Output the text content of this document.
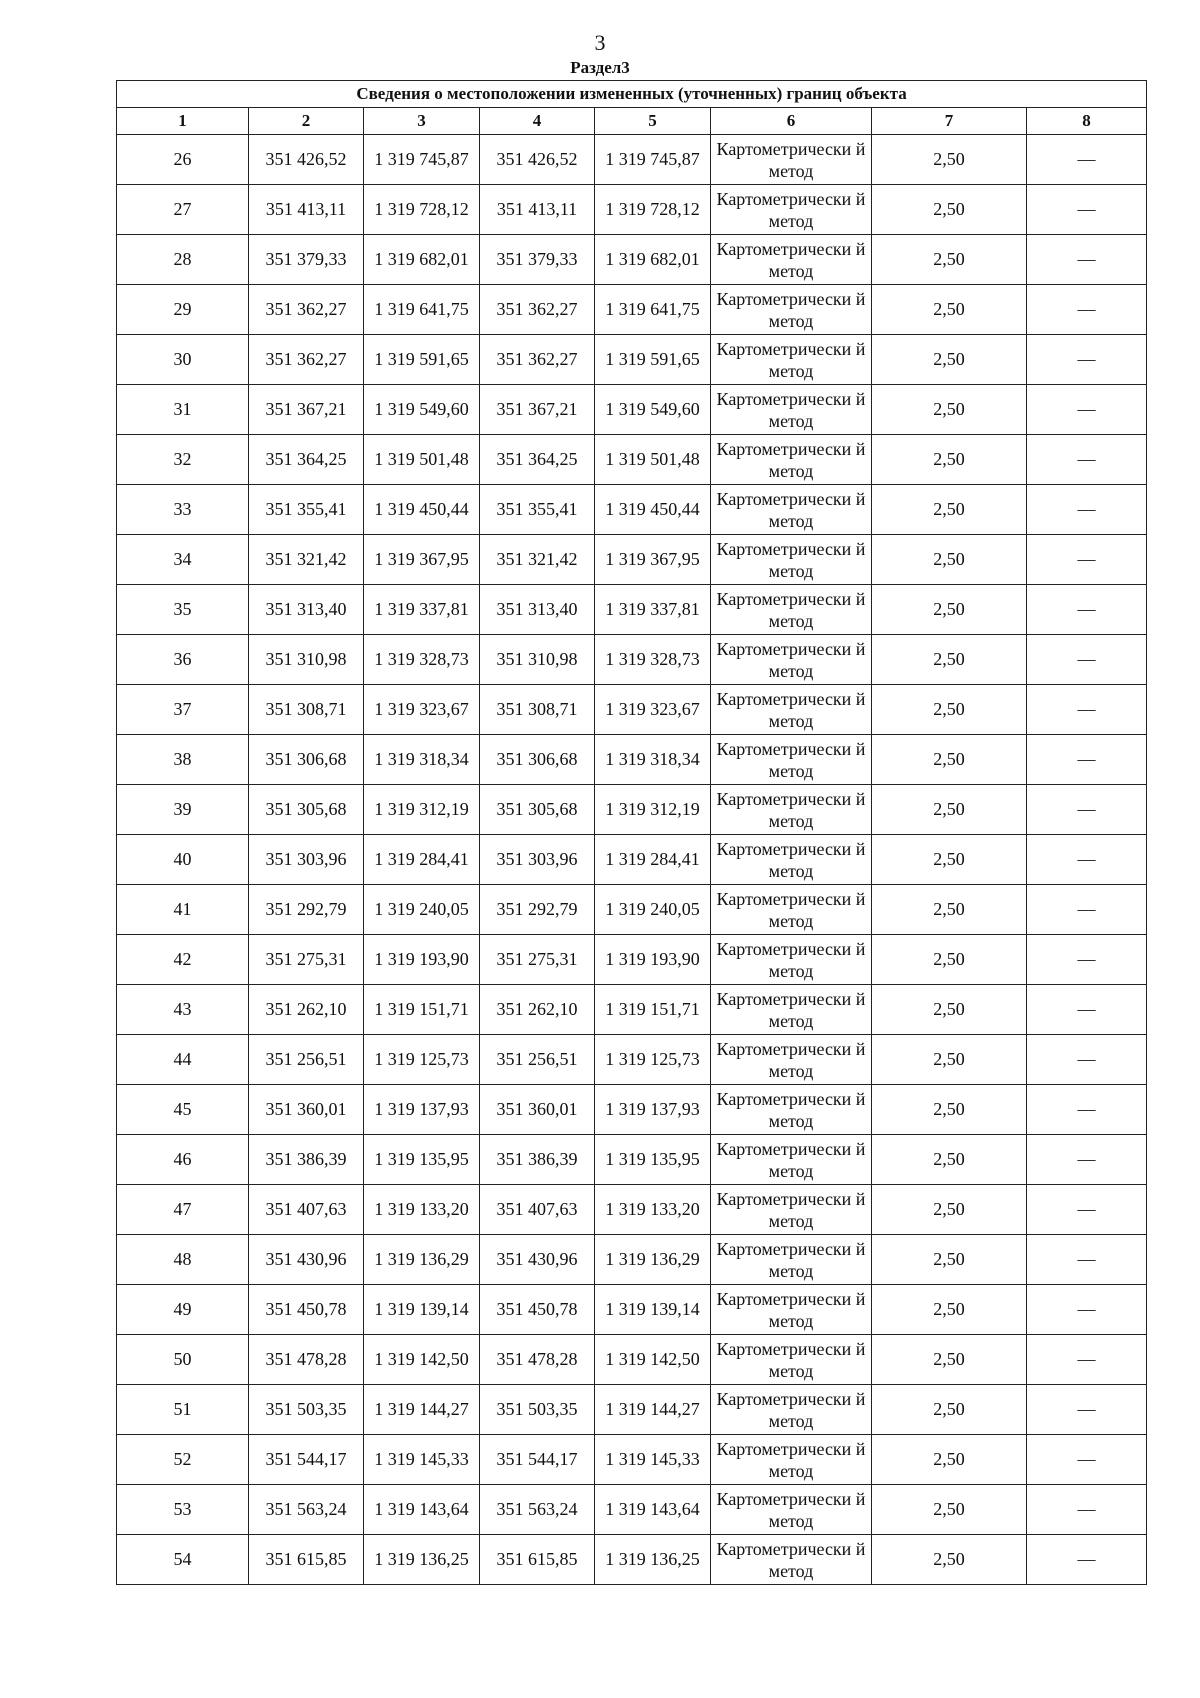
3
Раздел3
Сведения о местоположении измененных (уточненных) границ объекта							
1	2	3	4	5	6	7	8
26	351 426,52	1 319 745,87	351 426,52	1 319 745,87	Картометрически й метод	2,50	—
27	351 413,11	1 319 728,12	351 413,11	1 319 728,12	Картометрически й метод	2,50	—
28	351 379,33	1 319 682,01	351 379,33	1 319 682,01	Картометрически й метод	2,50	—
29	351 362,27	1 319 641,75	351 362,27	1 319 641,75	Картометрически й метод	2,50	—
30	351 362,27	1 319 591,65	351 362,27	1 319 591,65	Картометрически й метод	2,50	—
31	351 367,21	1 319 549,60	351 367,21	1 319 549,60	Картометрически й метод	2,50	—
32	351 364,25	1 319 501,48	351 364,25	1 319 501,48	Картометрически й метод	2,50	—
33	351 355,41	1 319 450,44	351 355,41	1 319 450,44	Картометрически й метод	2,50	—
34	351 321,42	1 319 367,95	351 321,42	1 319 367,95	Картометрически й метод	2,50	—
35	351 313,40	1 319 337,81	351 313,40	1 319 337,81	Картометрически й метод	2,50	—
36	351 310,98	1 319 328,73	351 310,98	1 319 328,73	Картометрически й метод	2,50	—
37	351 308,71	1 319 323,67	351 308,71	1 319 323,67	Картометрически й метод	2,50	—
38	351 306,68	1 319 318,34	351 306,68	1 319 318,34	Картометрически й метод	2,50	—
39	351 305,68	1 319 312,19	351 305,68	1 319 312,19	Картометрически й метод	2,50	—
40	351 303,96	1 319 284,41	351 303,96	1 319 284,41	Картометрически й метод	2,50	—
41	351 292,79	1 319 240,05	351 292,79	1 319 240,05	Картометрически й метод	2,50	—
42	351 275,31	1 319 193,90	351 275,31	1 319 193,90	Картометрически й метод	2,50	—
43	351 262,10	1 319 151,71	351 262,10	1 319 151,71	Картометрически й метод	2,50	—
44	351 256,51	1 319 125,73	351 256,51	1 319 125,73	Картометрически й метод	2,50	—
45	351 360,01	1 319 137,93	351 360,01	1 319 137,93	Картометрически й метод	2,50	—
46	351 386,39	1 319 135,95	351 386,39	1 319 135,95	Картометрически й метод	2,50	—
47	351 407,63	1 319 133,20	351 407,63	1 319 133,20	Картометрически й метод	2,50	—
48	351 430,96	1 319 136,29	351 430,96	1 319 136,29	Картометрически й метод	2,50	—
49	351 450,78	1 319 139,14	351 450,78	1 319 139,14	Картометрически й метод	2,50	—
50	351 478,28	1 319 142,50	351 478,28	1 319 142,50	Картометрически й метод	2,50	—
51	351 503,35	1 319 144,27	351 503,35	1 319 144,27	Картометрически й метод	2,50	—
52	351 544,17	1 319 145,33	351 544,17	1 319 145,33	Картометрически й метод	2,50	—
53	351 563,24	1 319 143,64	351 563,24	1 319 143,64	Картометрически й метод	2,50	—
54	351 615,85	1 319 136,25	351 615,85	1 319 136,25	Картометрически й метод	2,50	—
